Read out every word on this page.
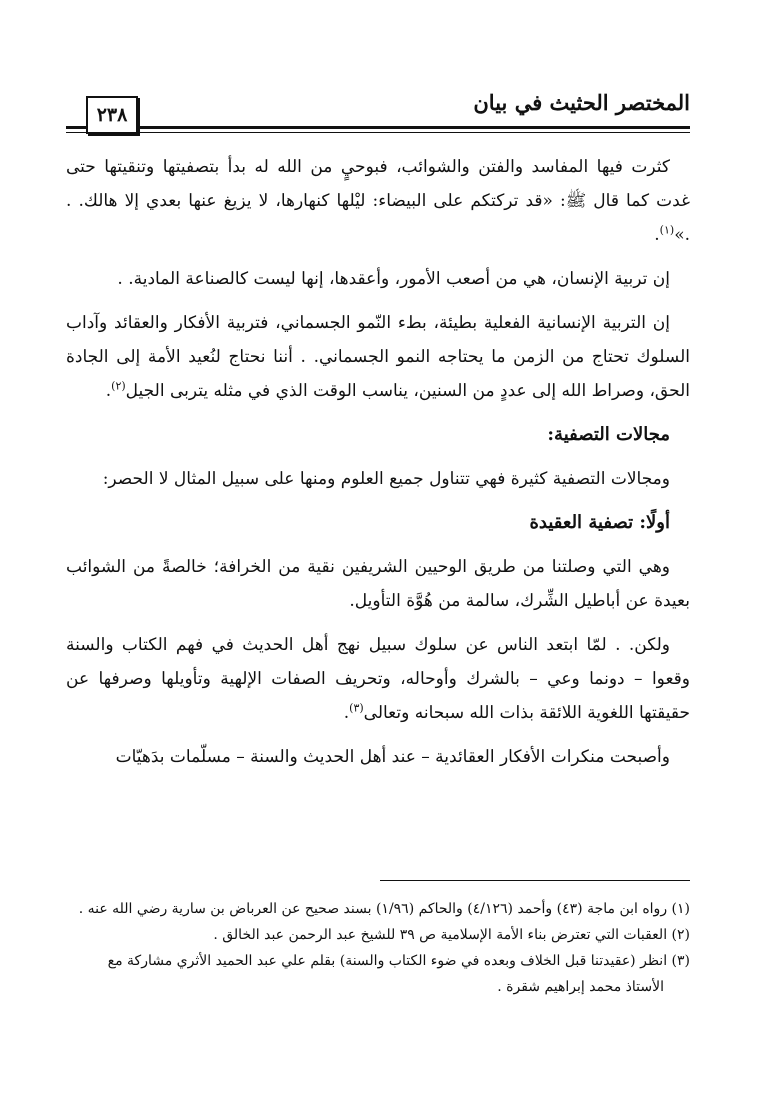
المختصر الحثيث في بيان
٢٣٨

كثرت فيها المفاسد والفتن والشوائب، فبوحيٍ من الله له بدأ بتصفيتها وتنقيتها حتى غدت كما قال ﷺ: «قد تركتكم على البيضاء: ليْلها كنهارها، لا يزيغ عنها بعدي إلا هالك. . .»$^{(١)}$.

إن تربية الإنسان، هي من أصعب الأمور، وأعقدها، إنها ليست كالصناعة المادية. .

إن التربية الإنسانية الفعلية بطيئة، بطء النّمو الجسماني، فتربية الأفكار والعقائد وآداب السلوك تحتاج من الزمن ما يحتاجه النمو الجسماني. . أننا نحتاج لنُعيد الأمة إلى الجادة الحق، وصراط الله إلى عددٍ من السنين، يناسب الوقت الذي في مثله يتربى الجيل$^{(٢)}$.

مجالات التصفية:

ومجالات التصفية كثيرة فهي تتناول جميع العلوم ومنها على سبيل المثال لا الحصر:

أولًا: تصفية العقيدة

وهي التي وصلتنا من طريق الوحيين الشريفين نقية من الخرافة؛ خالصةً من الشوائب بعيدة عن أباطيل الشِّرك، سالمة من هُوَّة التأويل.

ولكن. . لمّا ابتعد الناس عن سلوك سبيل نهج أهل الحديث في فهم الكتاب والسنة وقعوا – دونما وعي – بالشرك وأوحاله، وتحريف الصفات الإلهية وتأويلها وصرفها عن حقيقتها اللغوية اللائقة بذات الله سبحانه وتعالى$^{(٣)}$.

وأصبحت منكرات الأفكار العقائدية – عند أهل الحديث والسنة – مسلّمات بدَهيّات

(١) رواه ابن ماجة (٤٣) وأحمد (٤/١٢٦) والحاكم (١/٩٦) بسند صحيح عن العرباض بن سارية رضي الله عنه .

(٢) العقبات التي تعترض بناء الأمة الإسلامية ص ٣٩ للشيخ عبد الرحمن عبد الخالق .

(٣) انظر (عقيدتنا قبل الخلاف وبعده في ضوء الكتاب والسنة) بقلم علي عبد الحميد الأثري مشاركة مع الأستاذ محمد إبراهيم شقرة .
